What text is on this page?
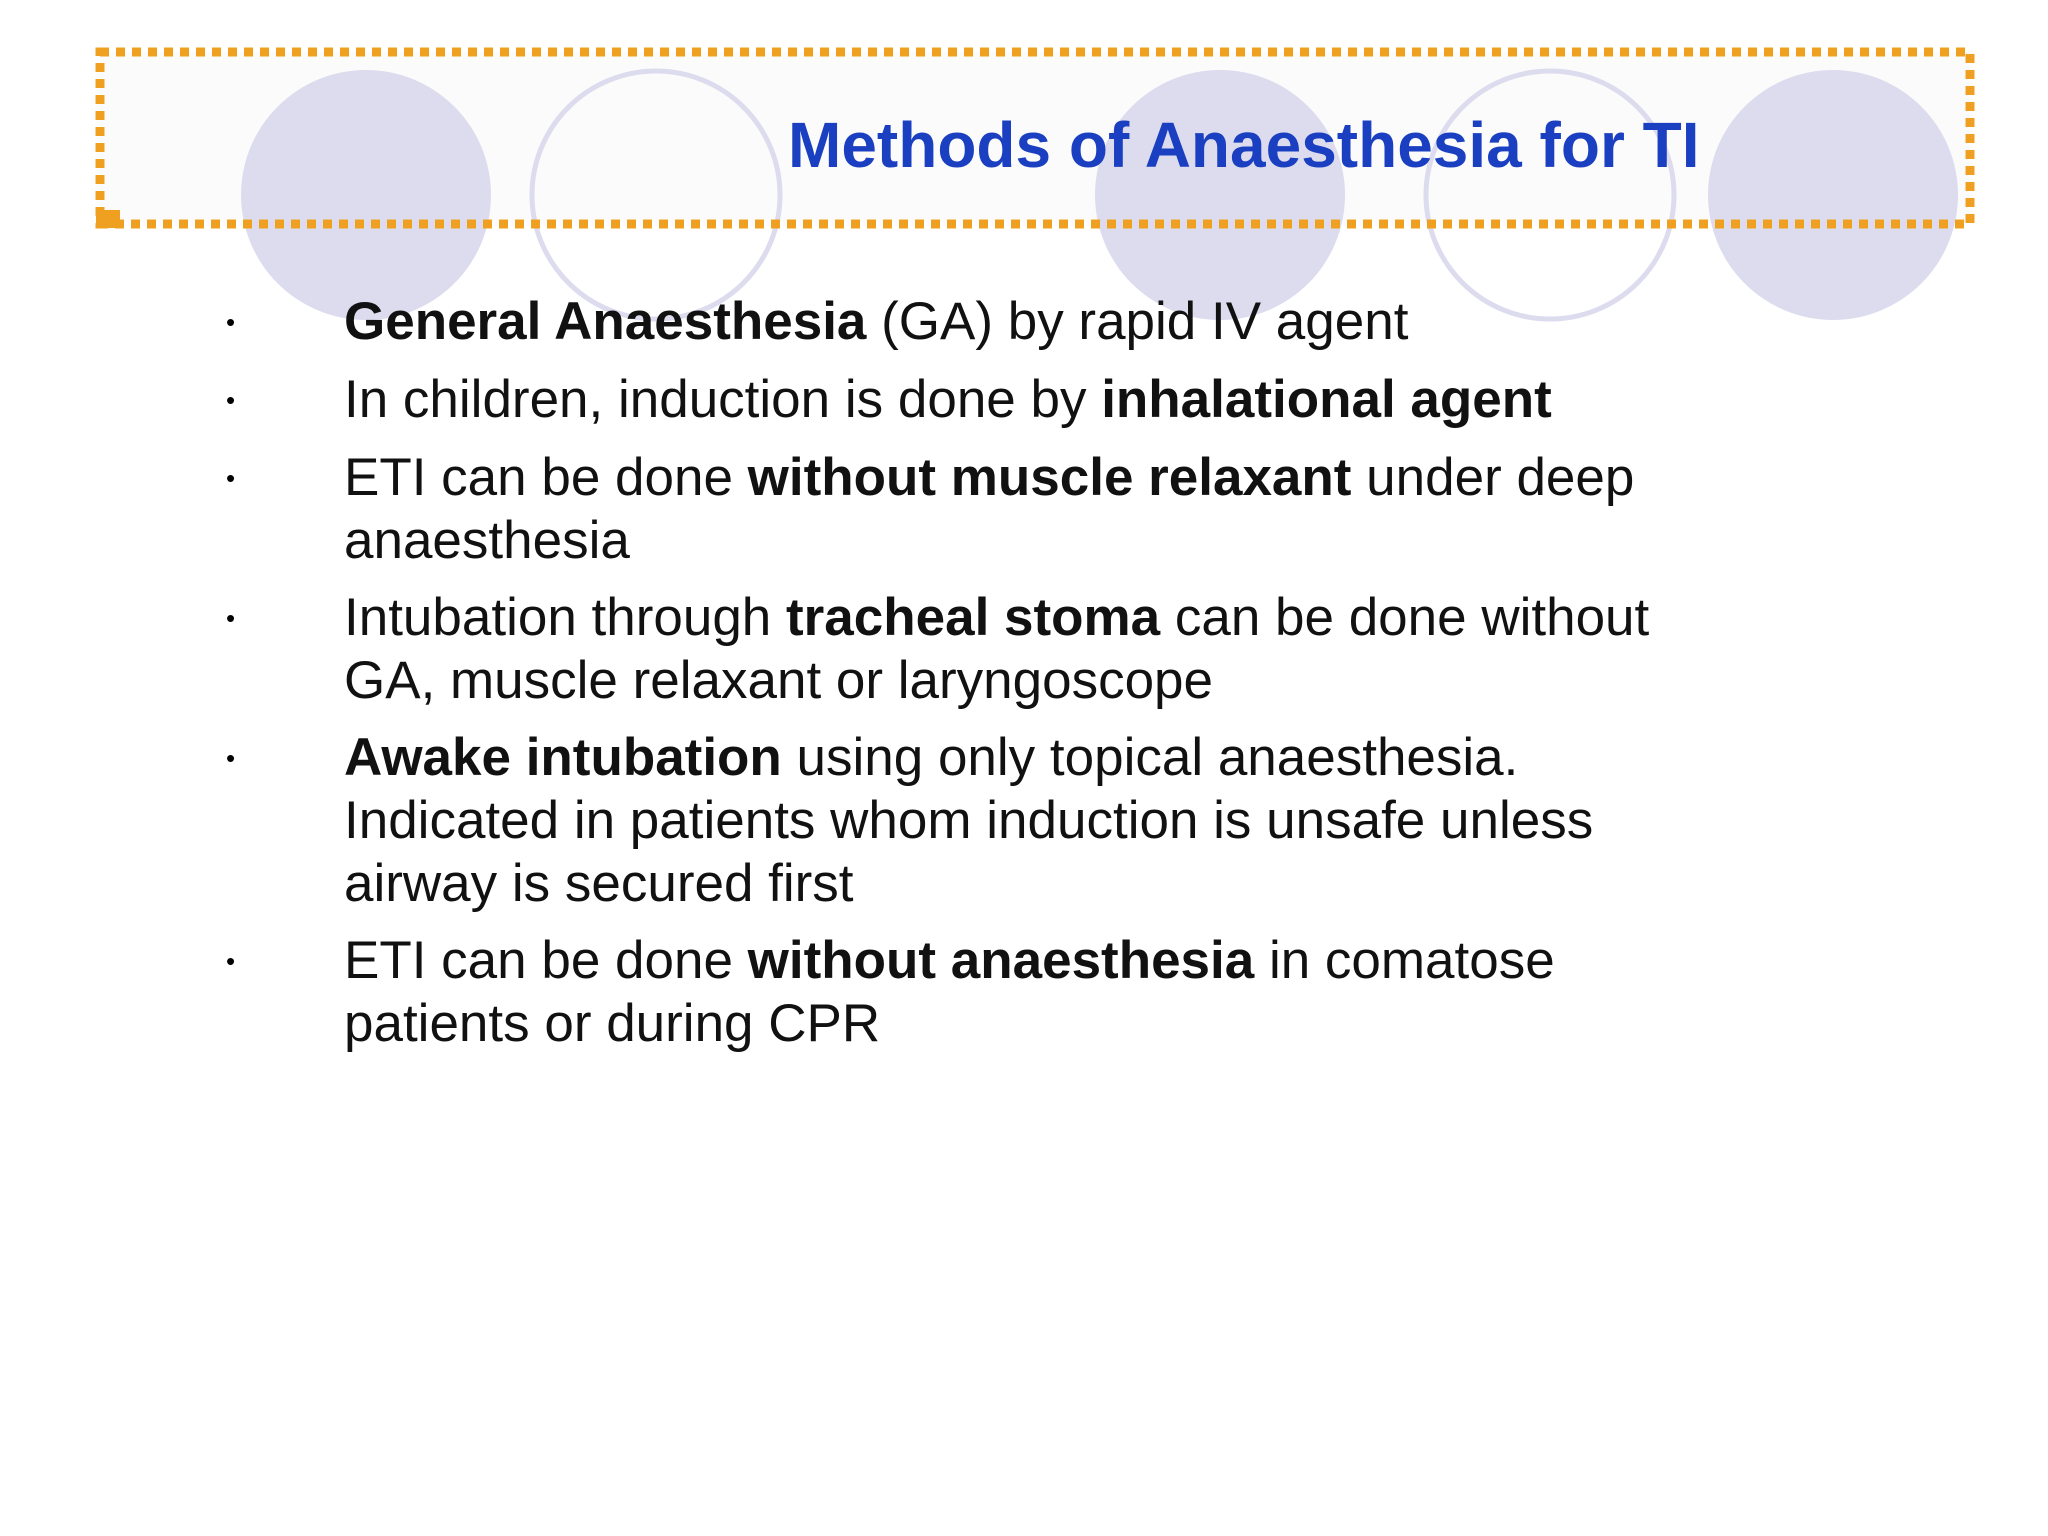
Methods of Anaesthesia for TI
•	General Anaesthesia (GA) by rapid IV agent
•	In children, induction is done by inhalational agent
•	ETI can be done without muscle relaxant under deep anaesthesia
•	Intubation through tracheal stoma can be done without GA, muscle relaxant or laryngoscope
•	Awake intubation using only topical anaesthesia. Indicated in patients whom induction is unsafe unless airway is secured first
•	ETI can be done without anaesthesia in comatose patients or during CPR
